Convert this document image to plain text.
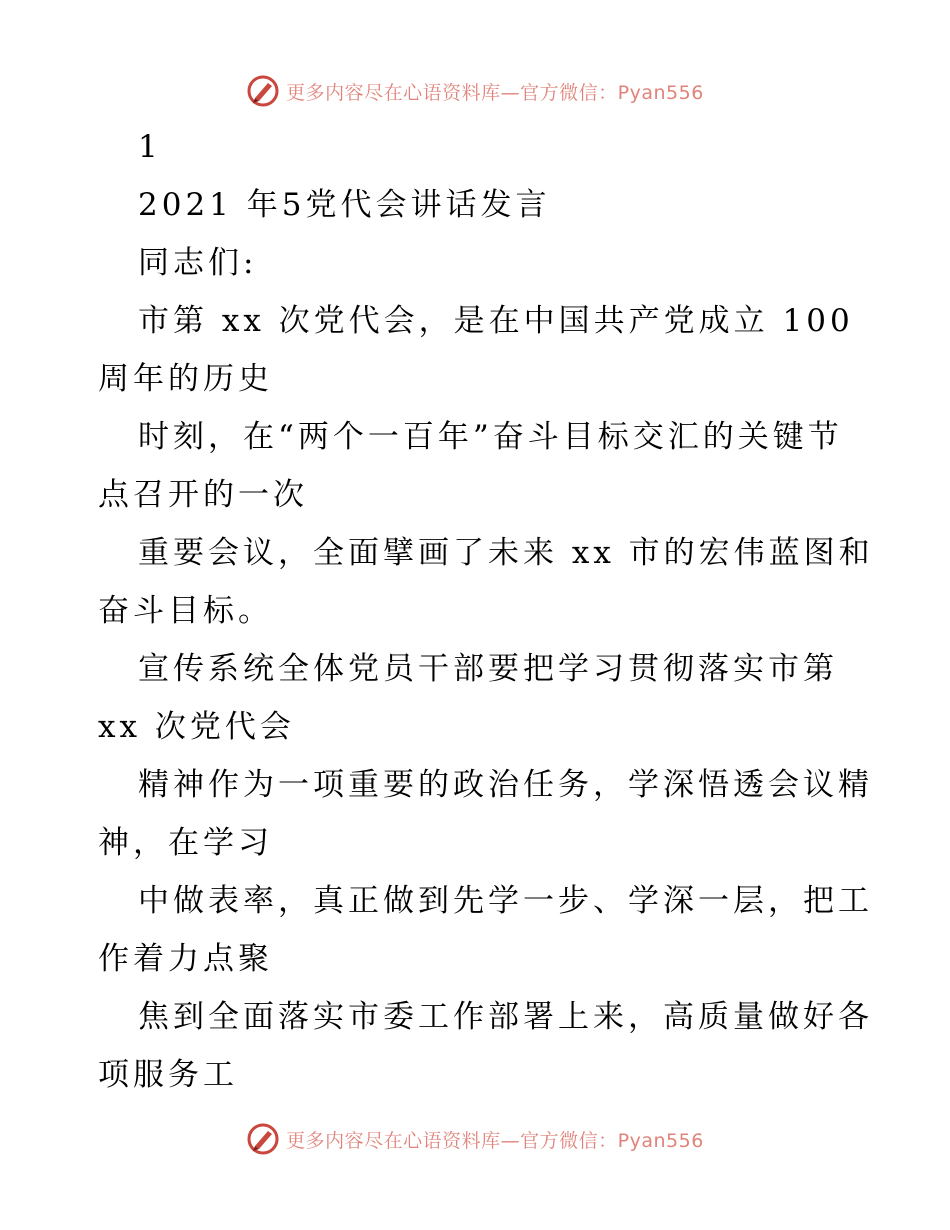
更多内容尽在心语资料库—官方微信：Pyan556
1
2021 年5党代会讲话发言
同志们:
市第 xx 次党代会，是在中国共产党成立 100
周年的历史
时刻，在“两个一百年”奋斗目标交汇的关键节
点召开的一次
重要会议，全面擘画了未来 xx 市的宏伟蓝图和
奋斗目标。
宣传系统全体党员干部要把学习贯彻落实市第
xx 次党代会
精神作为一项重要的政治任务，学深悟透会议精
神，在学习
中做表率，真正做到先学一步、学深一层，把工
作着力点聚
焦到全面落实市委工作部署上来，高质量做好各
项服务工
更多内容尽在心语资料库—官方微信：Pyan556
